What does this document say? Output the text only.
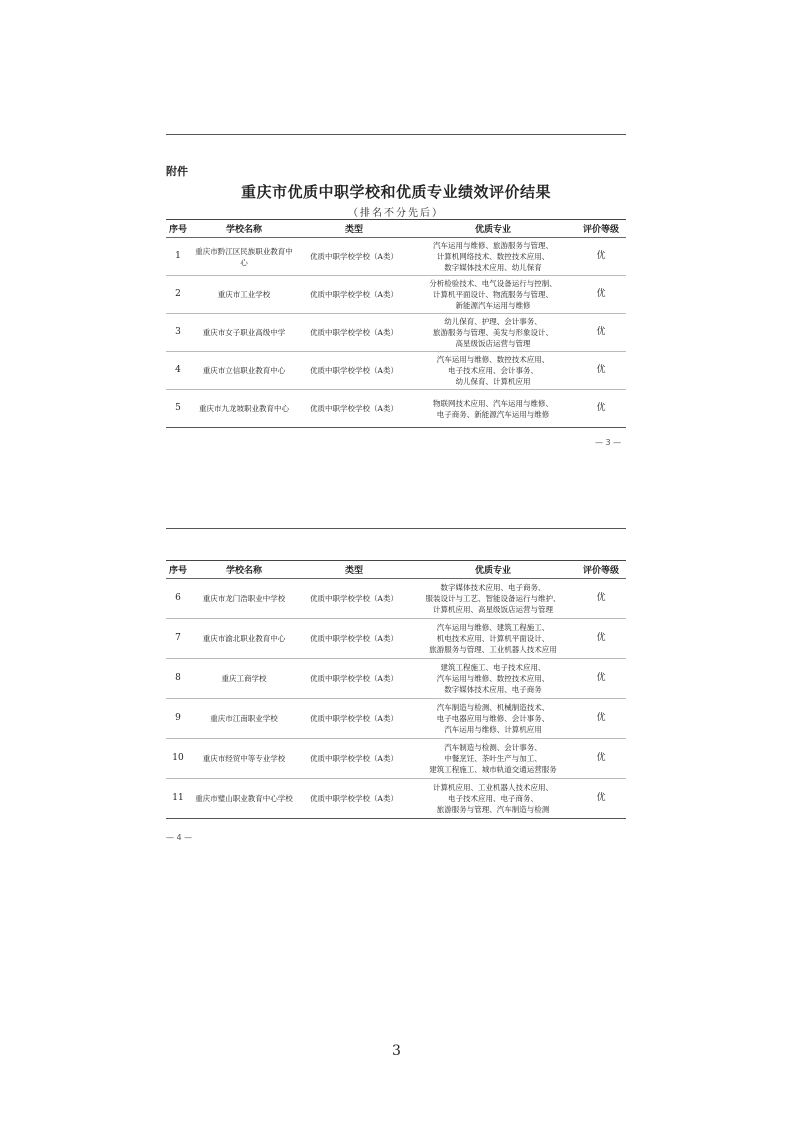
附件
重庆市优质中职学校和优质专业绩效评价结果
（排名不分先后）
序号	学校名称	类型	优质专业	评价等级
1	重庆市黔江区民族职业教育中心	优质中职学校学校（A类）	汽车运用与维修、旅游服务与管理、
计算机网络技术、数控技术应用、
数字媒体技术应用、幼儿保育	优
2	重庆市工业学校	优质中职学校学校（A类）	分析检验技术、电气设备运行与控制、
计算机平面设计、物流服务与管理、
新能源汽车运用与维修	优
3	重庆市女子职业高级中学	优质中职学校学校（A类）	幼儿保育、护理、会计事务、
旅游服务与管理、美发与形象设计、
高星级饭店运营与管理	优
4	重庆市立信职业教育中心	优质中职学校学校（A类）	汽车运用与维修、数控技术应用、
电子技术应用、会计事务、
幼儿保育、计算机应用	优
5	重庆市九龙坡职业教育中心	优质中职学校学校（A类）	物联网技术应用、汽车运用与维修、
电子商务、新能源汽车运用与维修	优
— 3 —
序号	学校名称	类型	优质专业	评价等级
6	重庆市龙门浩职业中学校	优质中职学校学校（A类）	数字媒体技术应用、电子商务、
服装设计与工艺、智能设备运行与维护、
计算机应用、高星级饭店运营与管理	优
7	重庆市渝北职业教育中心	优质中职学校学校（A类）	汽车运用与维修、建筑工程施工、
机电技术应用、计算机平面设计、
旅游服务与管理、工业机器人技术应用	优
8	重庆工商学校	优质中职学校学校（A类）	建筑工程施工、电子技术应用、
汽车运用与维修、数控技术应用、
数字媒体技术应用、电子商务	优
9	重庆市江南职业学校	优质中职学校学校（A类）	汽车制造与检测、机械制造技术、
电子电器应用与维修、会计事务、
汽车运用与维修、计算机应用	优
10	重庆市经贸中等专业学校	优质中职学校学校（A类）	汽车制造与检测、会计事务、
中餐烹饪、茶叶生产与加工、
建筑工程施工、城市轨道交通运营服务	优
11	重庆市璧山职业教育中心学校	优质中职学校学校（A类）	计算机应用、工业机器人技术应用、
电子技术应用、电子商务、
旅游服务与管理、汽车制造与检测	优
— 4 —
3
